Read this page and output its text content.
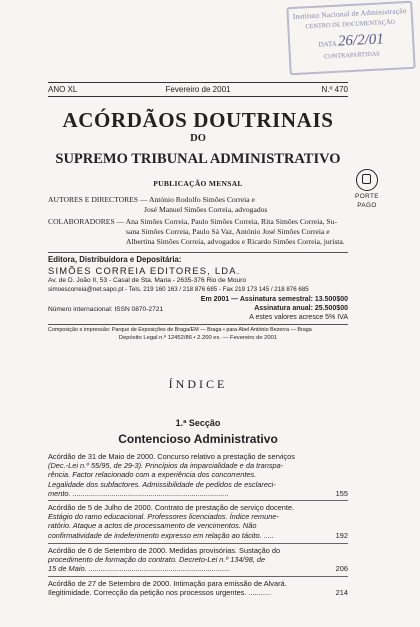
Instituto Nacional de Administração
CENTRO DE DOCUMENTAÇÃO
DATA 26/2/01
CONTRAPARTIDAS
ANO XL	Fevereiro de 2001	N.º 470
ACÓRDÃOS DOUTRINAIS
DO
SUPREMO TRIBUNAL ADMINISTRATIVO
PUBLICAÇÃO MENSAL
PORTE
PAGO
AUTORES E DIRECTORES — António Rodolfo Simões Correia e
José Manuel Simões Correia, advogados
COLABORADORES — Ana Simões Correia, Paulo Simões Correia, Rita Simões Correia, Su-
sana Simões Correia, Paulo Sá Vaz, António José Simões Correia e
Albertina Simões Correia, advogados e Ricardo Simões Correia, jurista.
Editora, Distribuidora e Depositária:
SIMÕES CORREIA EDITORES, LDA.
Av. de D. João II, 53 - Casal de Sta. Maria - 2635-376 Rio de Mouro
simoescorreia@net.sapo.pt - Tels. 219 160 163 / 218 876 685 - Fax 219 173 145 / 218 876 685
Em 2001 — Assinatura semestral: 13.500$00
Assinatura anual: 25.500$00
Número internacional: ISSN 0870-2721
A estes valores acresce 5% IVA
Composição e impressão: Parque de Exposições de Braga/EM — Braga • para Abel António Bezerra — Braga
Depósito Legal n.º 12452/86 • 2.200 ex. — Fevereiro de 2001
ÍNDICE
1.ª Secção
Contencioso Administrativo
Acórdão de 31 de Maio de 2000. Concurso relativo a prestação de serviços
(Dec.-Lei n.º 55/95, de 29-3). Princípios da imparcialidade e da transpa-
rência. Factor relacionado com a experiência dos concorrentes.
Legalidade dos subfactores. Admissibilidade de pedidos de esclareci-
mento. ............................................................................	155
Acórdão de 5 de Julho de 2000. Contrato de prestação de serviço docente.
Estágio do ramo educacional. Professores licenciados. Índice remune-
ratório. Ataque a actos de processamento de vencimentos. Não
confirmatividade de indeferimento expresso em relação ao tácito. .....	192
Acórdão de 6 de Setembro de 2000. Medidas provisórias. Sustação do
procedimento de formação do contrato. Decreto-Lei n.º 134/98, de
15 de Maio. .....................................................................	206
Acórdão de 27 de Setembro de 2000. Intimação para emissão de Alvará.
Ilegitimidade. Correcção da petição nos processos urgentes. ...........	214
